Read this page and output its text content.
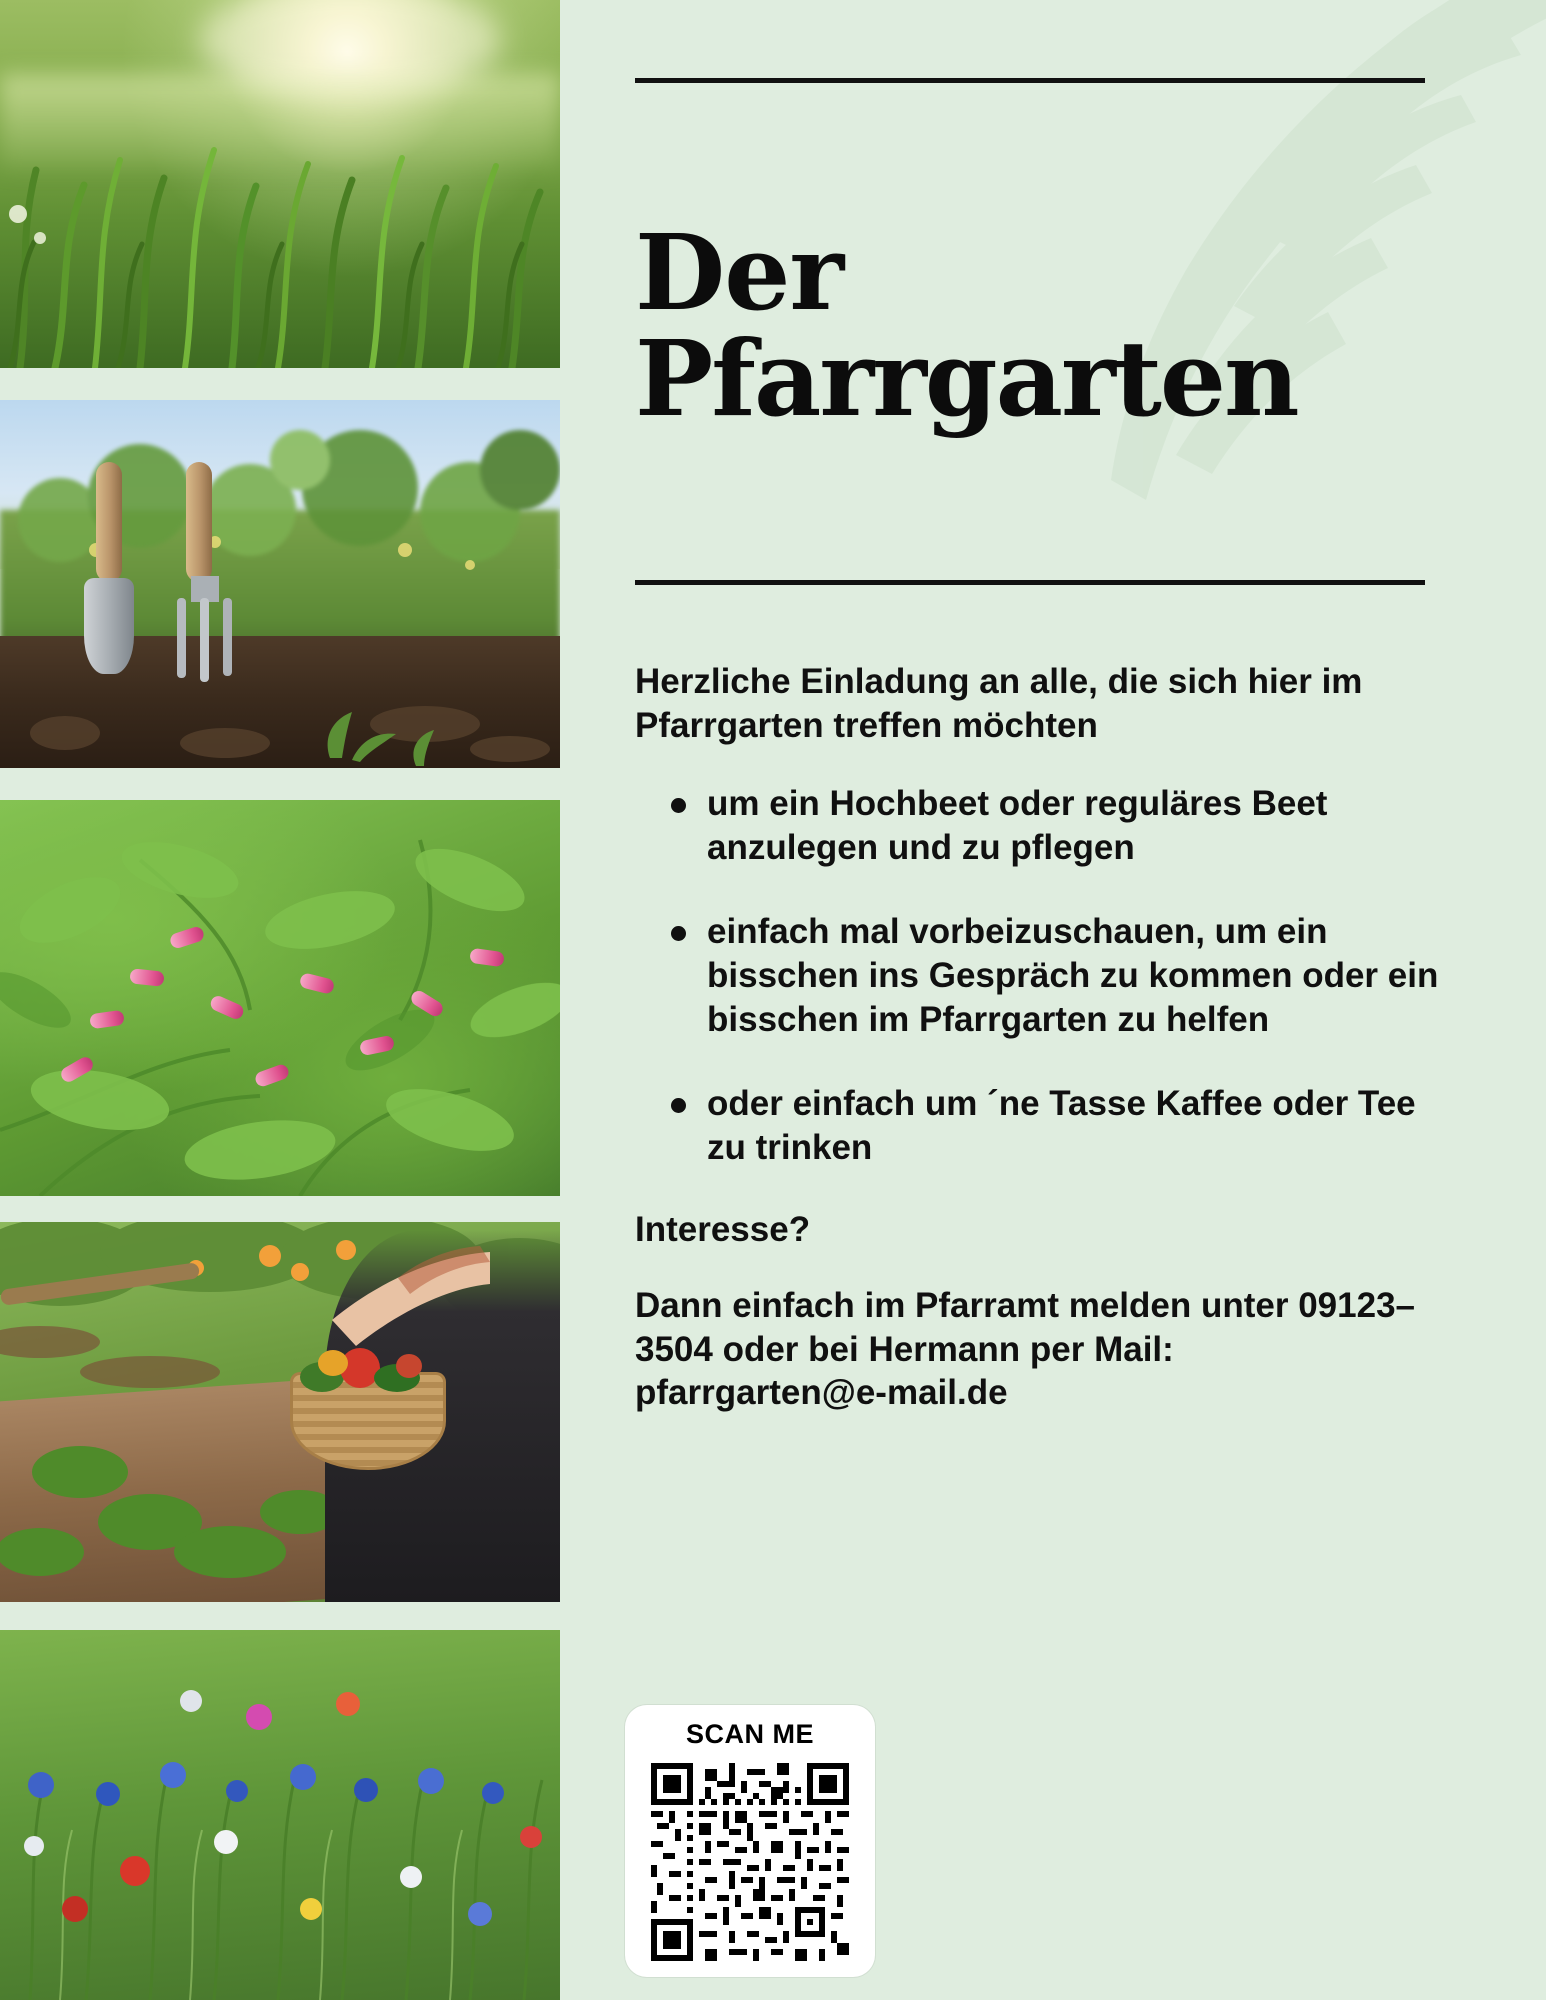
Der
Pfarrgarten

Herzliche Einladung an alle, die sich hier im Pfarrgarten treffen möchten

um ein Hochbeet oder reguläres Beet anzulegen und zu pflegen
einfach mal vorbeizuschauen, um ein bisschen ins Gespräch zu kommen oder ein bisschen im Pfarrgarten zu helfen
oder einfach um ´ne Tasse Kaffee oder Tee zu trinken

Interesse?

Dann einfach im Pfarramt melden unter 09123–3504 oder bei Hermann per Mail: pfarrgarten@e-mail.de

SCAN ME
